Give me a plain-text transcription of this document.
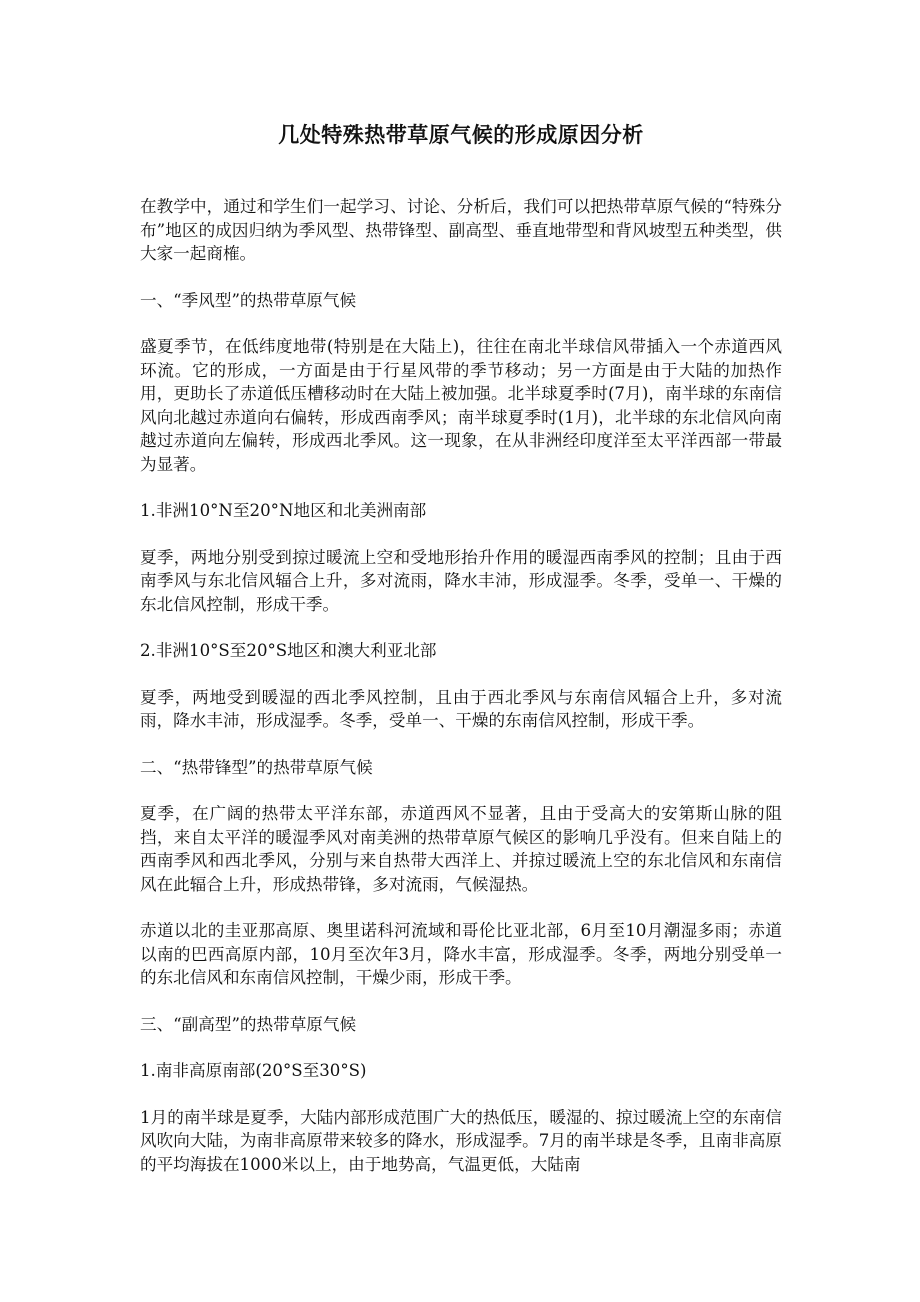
几处特殊热带草原气候的形成原因分析

在教学中，通过和学生们一起学习、讨论、分析后，我们可以把热带草原气候的“特殊分布”地区的成因归纳为季风型、热带锋型、副高型、垂直地带型和背风坡型五种类型，供大家一起商榷。

一、“季风型”的热带草原气候

盛夏季节，在低纬度地带(特别是在大陆上)，往往在南北半球信风带插入一个赤道西风环流。它的形成，一方面是由于行星风带的季节移动；另一方面是由于大陆的加热作用，更助长了赤道低压槽移动时在大陆上被加强。北半球夏季时(7月)，南半球的东南信风向北越过赤道向右偏转，形成西南季风；南半球夏季时(1月)，北半球的东北信风向南越过赤道向左偏转，形成西北季风。这一现象，在从非洲经印度洋至太平洋西部一带最为显著。

1.非洲10°N至20°N地区和北美洲南部

夏季，两地分别受到掠过暖流上空和受地形抬升作用的暖湿西南季风的控制；且由于西南季风与东北信风辐合上升，多对流雨，降水丰沛，形成湿季。冬季，受单一、干燥的东北信风控制，形成干季。

2.非洲10°S至20°S地区和澳大利亚北部

夏季，两地受到暖湿的西北季风控制，且由于西北季风与东南信风辐合上升，多对流雨，降水丰沛，形成湿季。冬季，受单一、干燥的东南信风控制，形成干季。

二、“热带锋型”的热带草原气候

夏季，在广阔的热带太平洋东部，赤道西风不显著，且由于受高大的安第斯山脉的阻挡，来自太平洋的暖湿季风对南美洲的热带草原气候区的影响几乎没有。但来自陆上的西南季风和西北季风，分别与来自热带大西洋上、并掠过暖流上空的东北信风和东南信风在此辐合上升，形成热带锋，多对流雨，气候湿热。

赤道以北的圭亚那高原、奥里诺科河流域和哥伦比亚北部，6月至10月潮湿多雨；赤道以南的巴西高原内部，10月至次年3月，降水丰富，形成湿季。冬季，两地分别受单一的东北信风和东南信风控制，干燥少雨，形成干季。

三、“副高型”的热带草原气候

1.南非高原南部(20°S至30°S)

1月的南半球是夏季，大陆内部形成范围广大的热低压，暖湿的、掠过暖流上空的东南信风吹向大陆，为南非高原带来较多的降水，形成湿季。7月的南半球是冬季，且南非高原的平均海拔在1000米以上，由于地势高，气温更低，大陆南
